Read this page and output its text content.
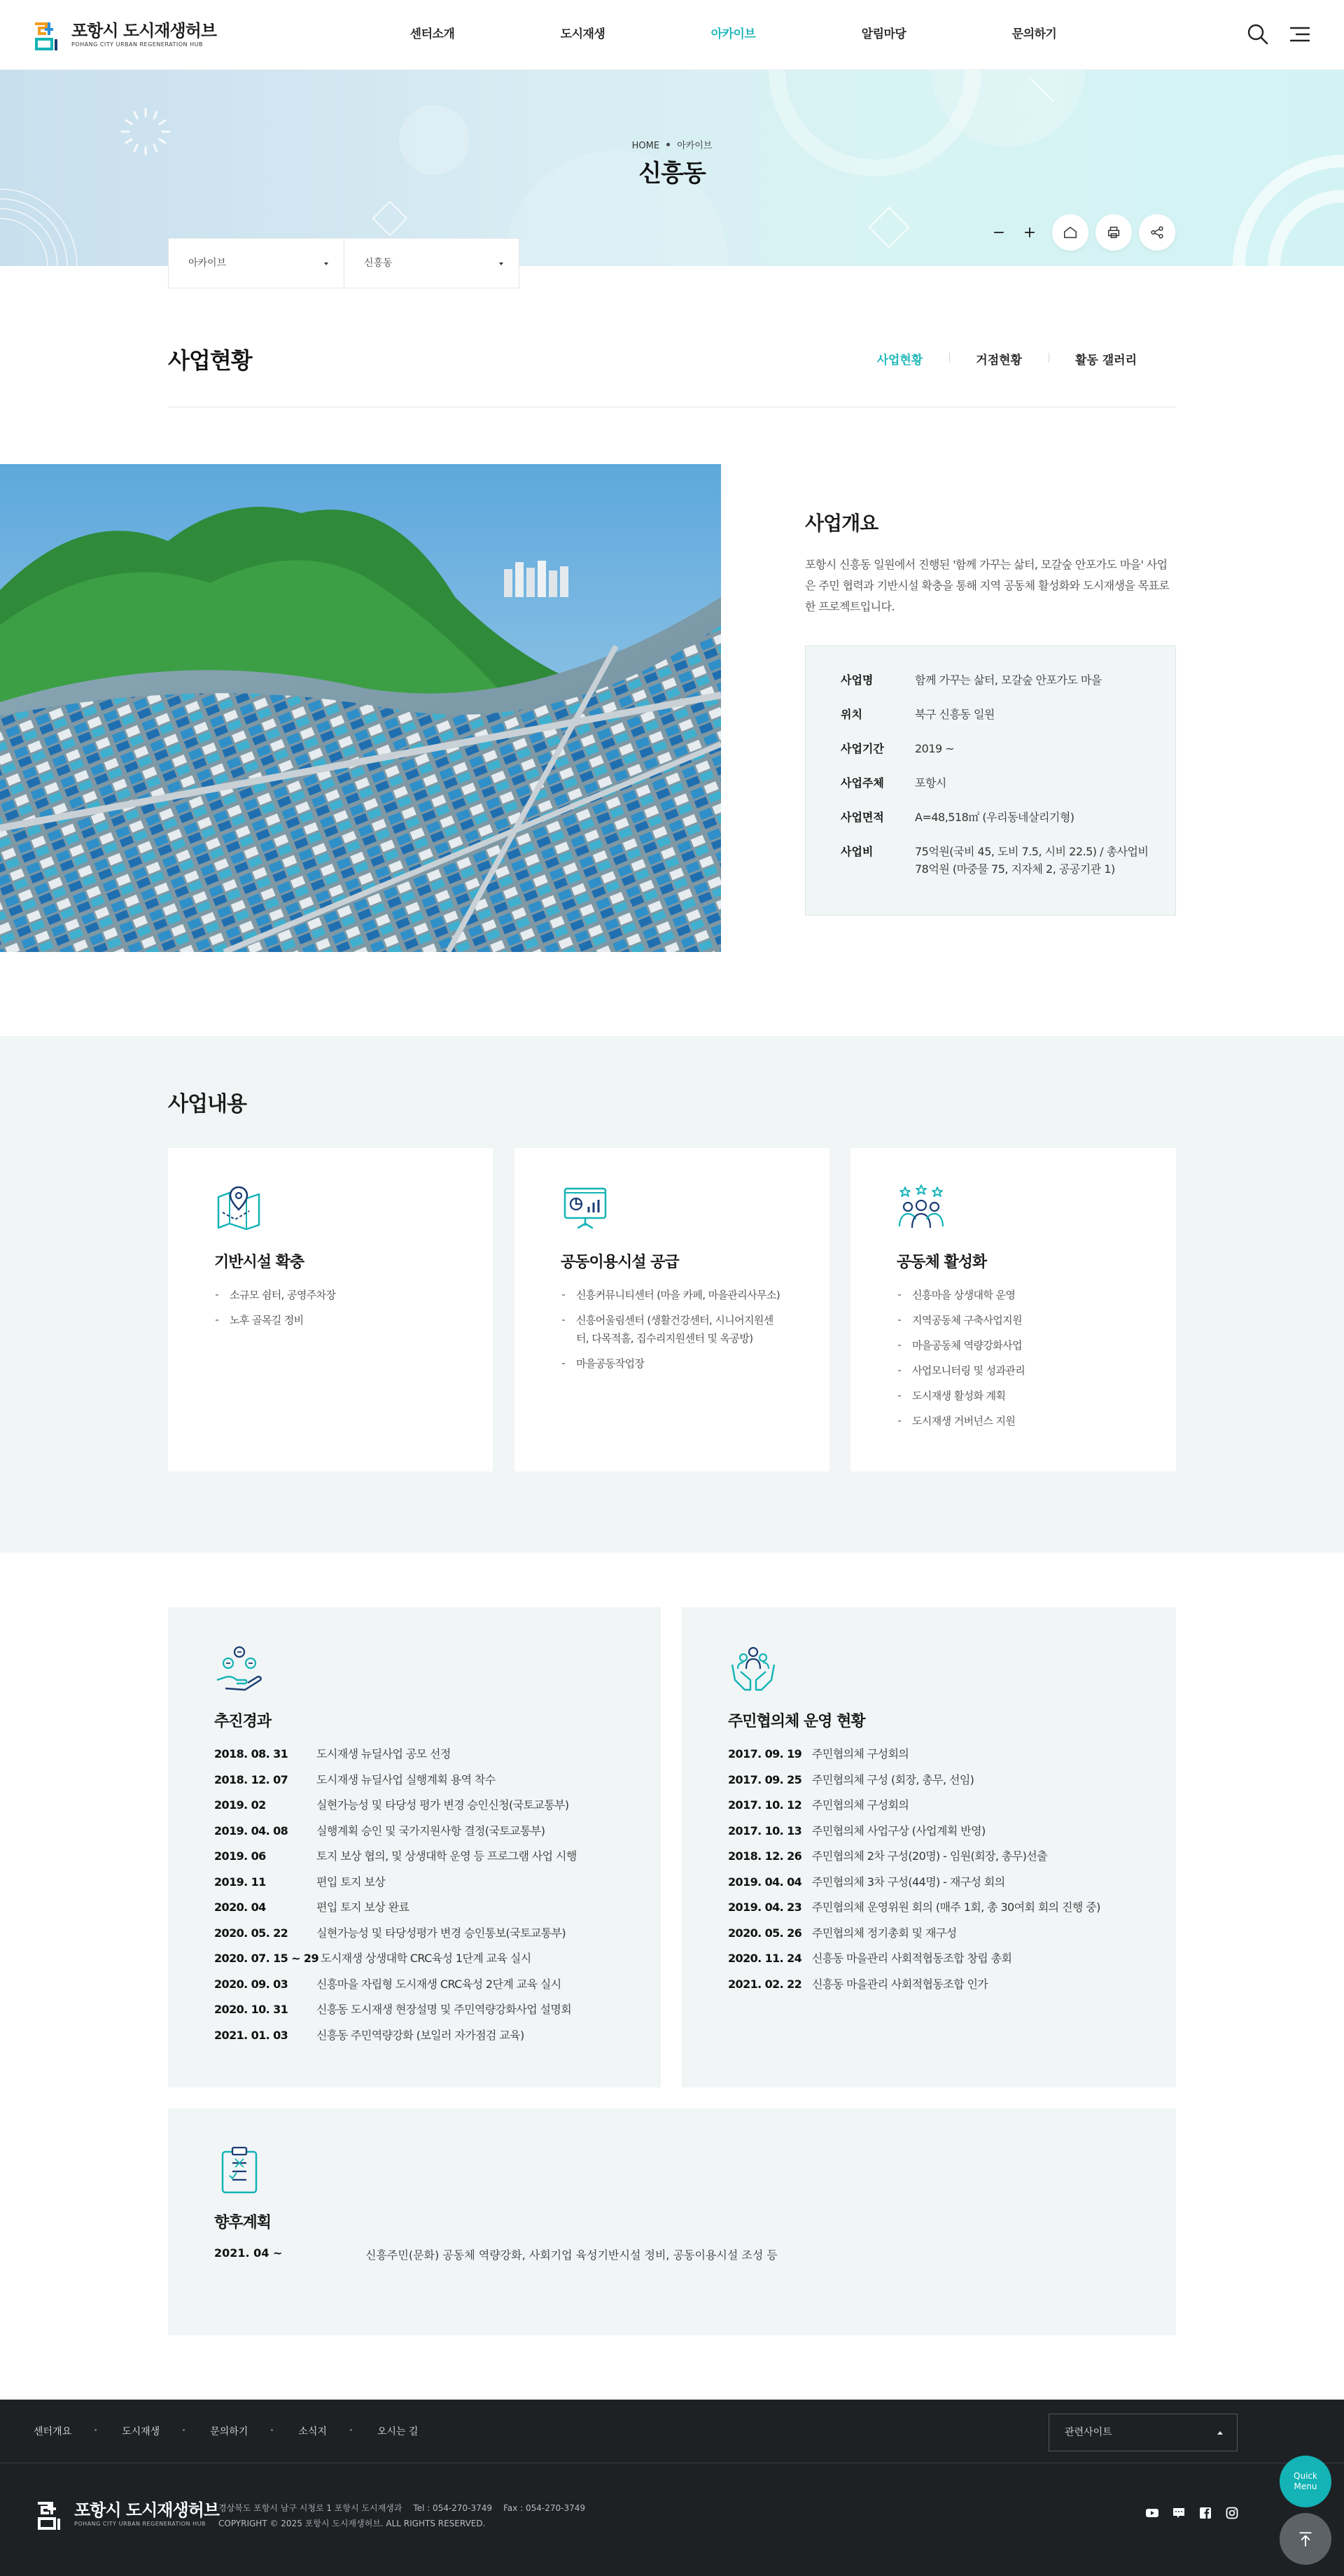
포항시 도시재생허브
POHANG CITY URBAN REGENERATION HUB
센터소개	도시재생	아카이브	알림마당	문의하기
HOME 아카이브
신흥동
−	+
아카이브	신흥동
사업현황	사업현황	거점현황	활동 갤러리
사업개요

포항시 신흥동 일원에서 진행된 '함께 가꾸는 삶터, 모갈숲 안포가도 마을' 사업은 주민 협력과 기반시설 확충을 통해 지역 공동체 활성화와 도시재생을 목표로 한 프로젝트입니다.

사업명	함께 가꾸는 삶터, 모갈숲 안포가도 마을
위치	북구 신흥동 일원
사업기간	2019 ~
사업주체	포항시
사업면적	A=48,518㎡ (우리동네살리기형)
사업비	75억원(국비 45, 도비 7.5, 시비 22.5) / 총사업비 78억원 (마중물 75, 지자체 2, 공공기관 1)
사업내용
기반시설 확충
소규모 쉼터, 공영주차장
노후 골목길 정비
공동이용시설 공급
신흥커뮤니티센터 (마을 카페, 마을관리사무소)
신흥어울림센터 (생활건강센터, 시니어지원센터, 다목적홀, 집수리지원센터 및 옥공방)
마을공동작업장
공동체 활성화
신흥마을 상생대학 운영
지역공동체 구축사업지원
마을공동체 역량강화사업
사업모니터링 및 성과관리
도시재생 활성화 계획
도시재생 거버넌스 지원
추진경과
2018. 08. 31	도시재생 뉴딜사업 공모 선정
2018. 12. 07	도시재생 뉴딜사업 실행계획 용역 착수
2019. 02	실현가능성 및 타당성 평가 변경 승인신청(국토교통부)
2019. 04. 08	실행계획 승인 및 국가지원사항 결정(국토교통부)
2019. 06	토지 보상 협의, 및 상생대학 운영 등 프로그램 사업 시행
2019. 11	편입 토지 보상
2020. 04	편입 토지 보상 완료
2020. 05. 22	실현가능성 및 타당성평가 변경 승인통보(국토교통부)
2020. 07. 15 ~ 29 도시재생 상생대학 CRC육성 1단계 교육 실시
2020. 09. 03	신흥마을 자립형 도시재생 CRC육성 2단계 교육 실시
2020. 10. 31	신흥동 도시재생 현장설명 및 주민역량강화사업 설명회
2021. 01. 03	신흥동 주민역량강화 (보일러 자가점검 교육)
주민협의체 운영 현황
2017. 09. 19 주민협의체 구성회의
2017. 09. 25 주민협의체 구성 (회장, 총무, 선임)
2017. 10. 12 주민협의체 구성회의
2017. 10. 13 주민협의체 사업구상 (사업계획 반영)
2018. 12. 26 주민협의체 2차 구성(20명) - 임원(회장, 총무)선출
2019. 04. 04 주민협의체 3차 구성(44명) - 재구성 회의
2019. 04. 23 주민협의체 운영위원 회의 (매주 1회, 총 30여회 회의 진행 중)
2020. 05. 26 주민협의체 정기총회 및 재구성
2020. 11. 24 신흥동 마을관리 사회적협동조합 창립 총회
2021. 02. 22 신흥동 마을관리 사회적협동조합 인가
향후계획
2021. 04 ~	신흥주민(문화) 공동체 역량강화, 사회기업 육성기반시설 정비, 공동이용시설 조성 등
센터개요	도시재생	문의하기	소식지	오시는 길	관련사이트
포항시 도시재생허브
POHANG CITY URBAN REGENERATION HUB
경상북도 포항시 남구 시청로 1 포항시 도시재생과 Tel : 054-270-3749 Fax : 054-270-3749
COPYRIGHT © 2025 포항시 도시재생허브. ALL RIGHTS RESERVED.
Quick
Menu
